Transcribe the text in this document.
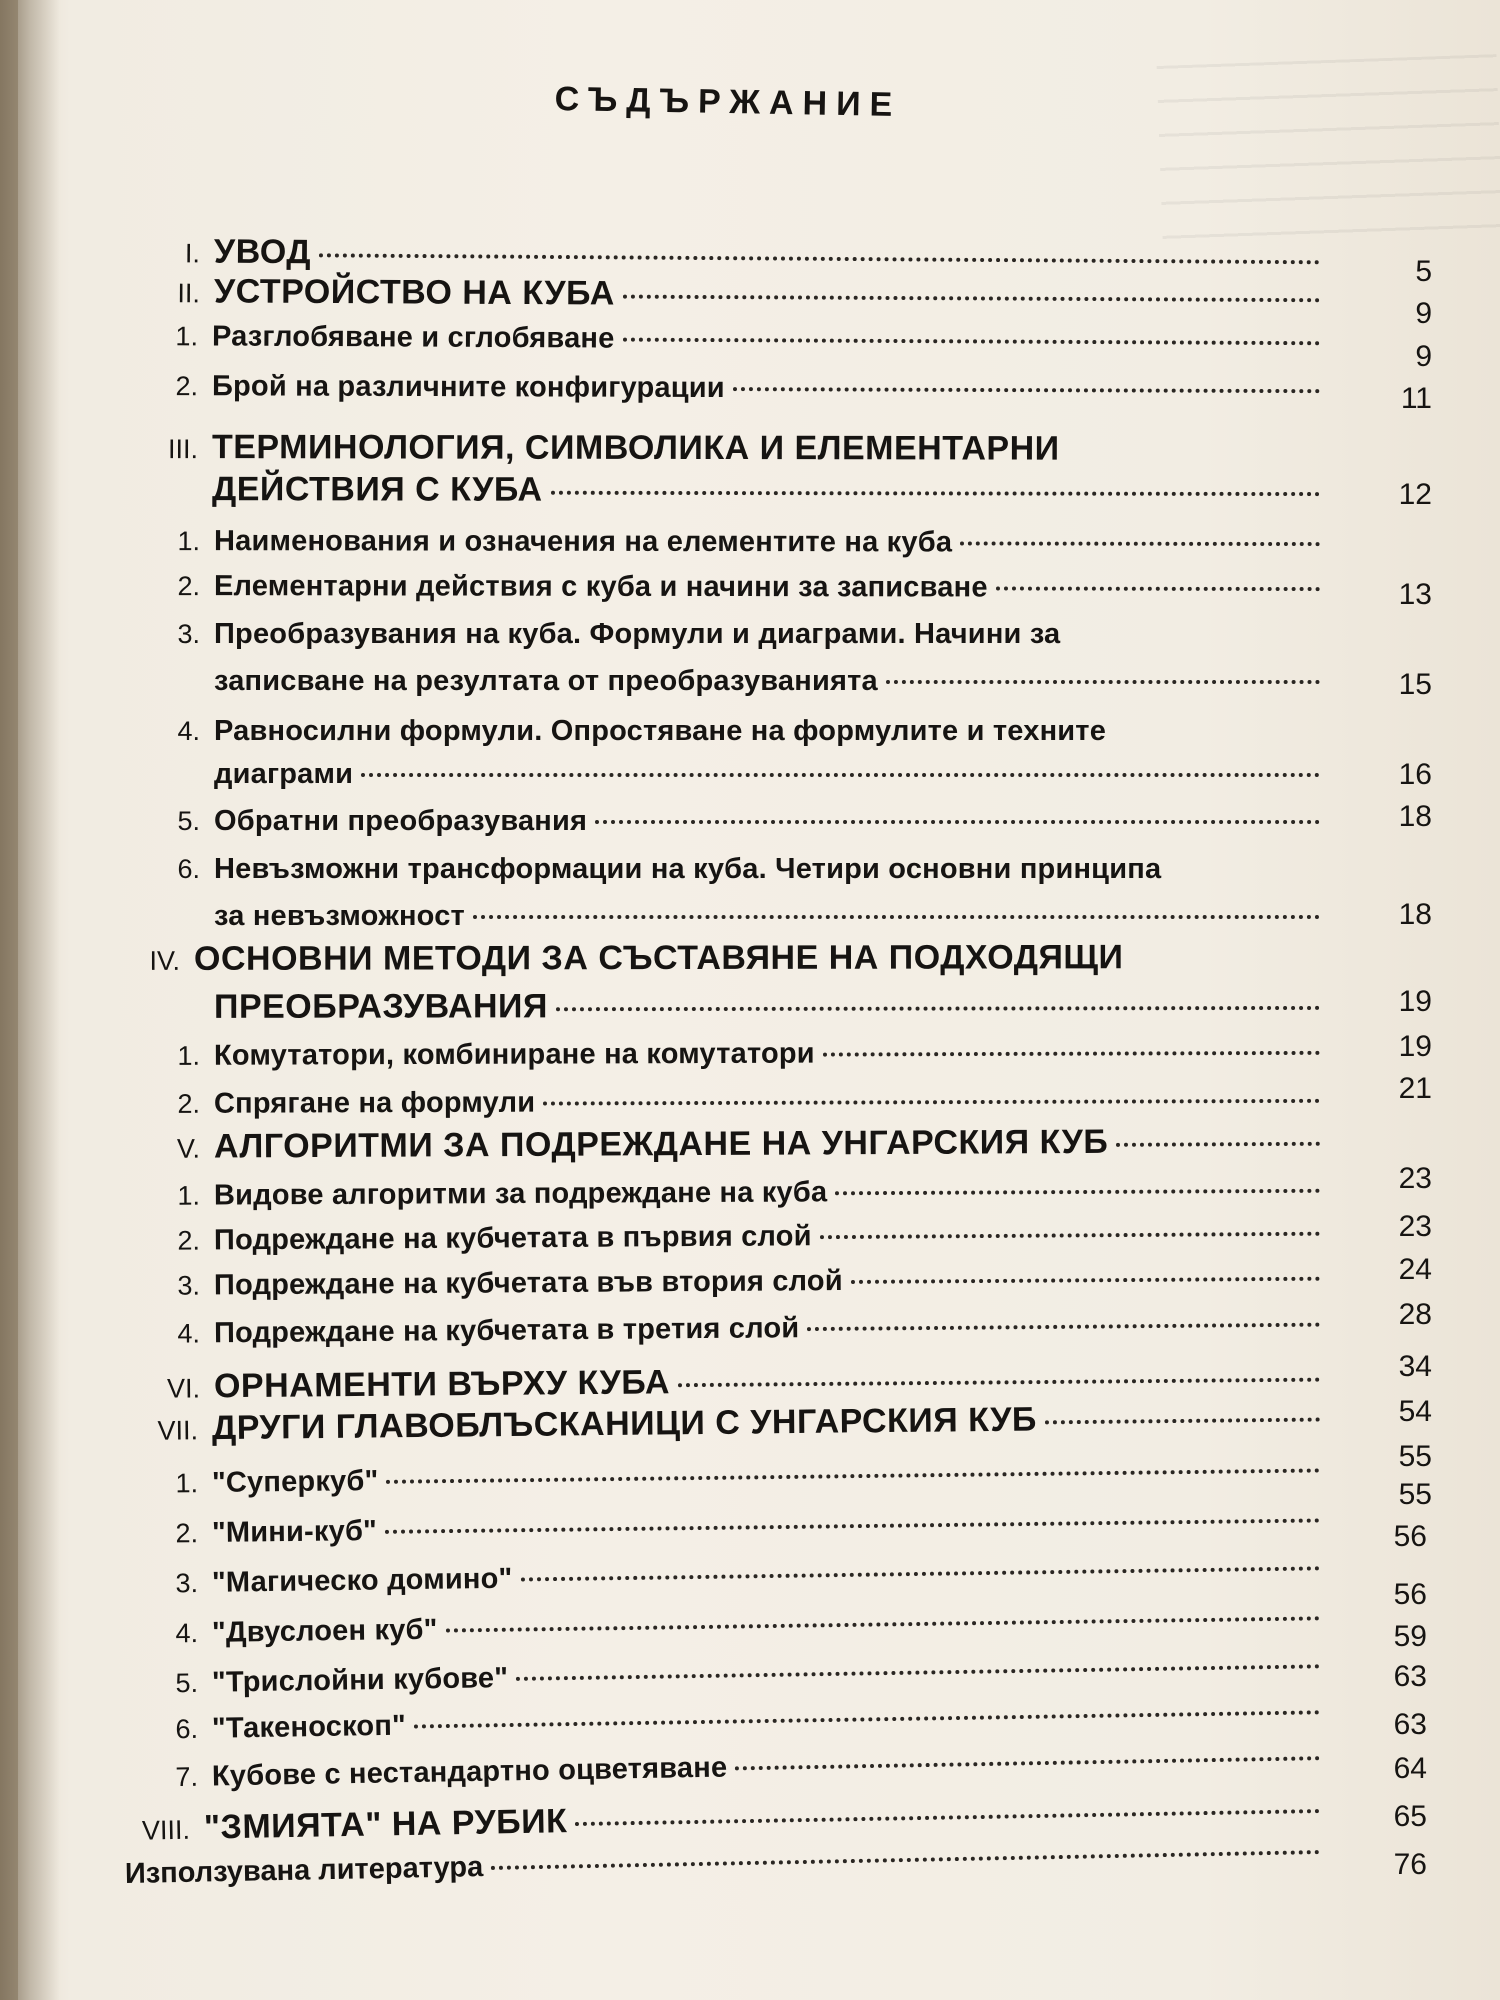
СЪДЪРЖАНИЕ
I. УВОД
II. УСТРОЙСТВО НА КУБА
1. Разглобяване и сглобяване
2. Брой на различните конфигурации
III. ТЕРМИНОЛОГИЯ, СИМВОЛИКА И ЕЛЕМЕНТАРНИ
ДЕЙСТВИЯ С КУБА
1. Наименования и означения на елементите на куба
2. Елементарни действия с куба и начини за записване
3. Преобразувания на куба. Формули и диаграми. Начини за
записване на резултата от преобразуванията
4. Равносилни формули. Опростяване на формулите и техните
диаграми
5. Обратни преобразувания
6. Невъзможни трансформации на куба. Четири основни принципа
за невъзможност
IV. ОСНОВНИ МЕТОДИ ЗА СЪСТАВЯНЕ НА ПОДХОДЯЩИ
ПРЕОБРАЗУВАНИЯ
1. Комутатори, комбиниране на комутатори
2. Спрягане на формули
V. АЛГОРИТМИ ЗА ПОДРЕЖДАНЕ НА УНГАРСКИЯ КУБ
1. Видове алгоритми за подреждане на куба
2. Подреждане на кубчетата в първия слой
3. Подреждане на кубчетата във втория слой
4. Подреждане на кубчетата в третия слой
VI. ОРНАМЕНТИ ВЪРХУ КУБА
VII. ДРУГИ ГЛАВОБЛЪСКАНИЦИ С УНГАРСКИЯ КУБ
1. "Суперкуб"
2. "Мини-куб"
3. "Магическо домино"
4. "Двуслоен куб"
5. "Трислойни кубове"
6. "Такеноскоп"
7. Кубове с нестандартно оцветяване
VIII. "ЗМИЯТА" НА РУБИК
Използувана литература
5
9
9
11
12
13
15
16
18
18
19
19
21
23
23
24
28
34
54
55
55
56
56
59
63
63
64
65
76
